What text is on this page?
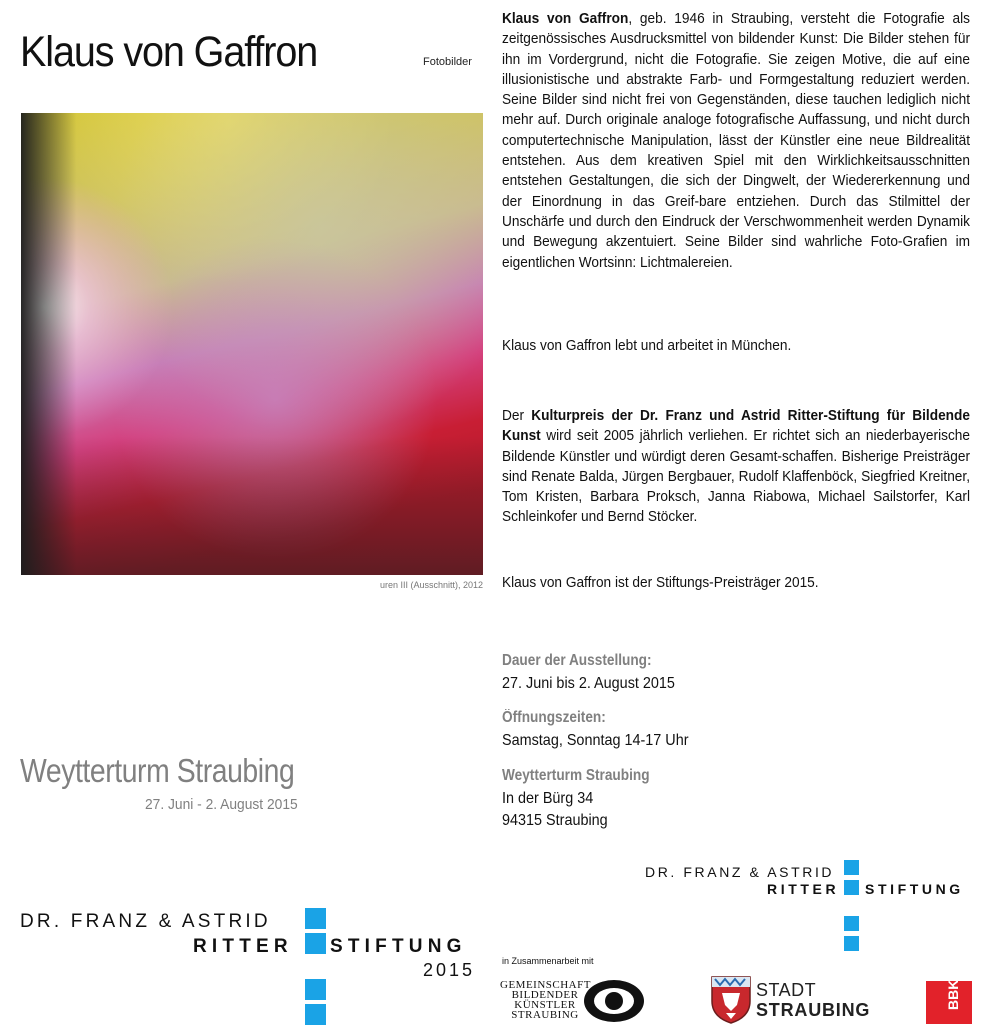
Klaus von Gaffron	Fotobilder
uren III (Ausschnitt), 2012
Klaus von Gaffron, geb. 1946 in Straubing, versteht die Fotografie als zeitgenössisches Ausdrucksmittel von bildender Kunst: Die Bilder stehen für ihn im Vordergrund, nicht die Fotografie. Sie zeigen Motive, die auf eine illusionistische und abstrakte Farb- und Formgestaltung reduziert werden. Seine Bilder sind nicht frei von Gegenständen, diese tauchen lediglich nicht mehr auf. Durch originale analoge fotografische Auffassung, und nicht durch computertechnische Manipulation, lässt der Künstler eine neue Bildrealität entstehen. Aus dem kreativen Spiel mit den Wirklichkeitsausschnitten entstehen Gestaltungen, die sich der Dingwelt, der Wiedererkennung und der Einordnung in das Greif-bare entziehen. Durch das Stilmittel der Unschärfe und durch den Eindruck der Verschwommenheit werden Dynamik und Bewegung akzentuiert. Seine Bilder sind wahrliche Foto-Grafien im eigentlichen Wortsinn: Lichtmalereien.
Klaus von Gaffron lebt und arbeitet in München.
Der Kulturpreis der Dr. Franz und Astrid Ritter-Stiftung für Bildende Kunst wird seit 2005 jährlich verliehen. Er richtet sich an niederbayerische Bildende Künstler und würdigt deren Gesamt-schaffen. Bisherige Preisträger sind Renate Balda, Jürgen Bergbauer, Rudolf Klaffenböck, Siegfried Kreitner, Tom Kristen, Barbara Proksch, Janna Riabowa, Michael Sailstorfer, Karl Schleinkofer und Bernd Stöcker.
Klaus von Gaffron ist der Stiftungs-Preisträger 2015.
Dauer der Ausstellung:
27. Juni bis 2. August 2015
Öffnungszeiten:
Samstag, Sonntag 14-17 Uhr
Weytterturm Straubing
In der Bürg 34
94315 Straubing
Weytterturm Straubing
27. Juni - 2. August 2015
DR. FRANZ & ASTRID
RITTER STIFTUNG
2015
DR. FRANZ & ASTRID
RITTER STIFTUNG
in Zusammenarbeit mit
GEMEINSCHAFT
BILDENDER
KÜNSTLER
STRAUBING
STADT
STRAUBING	BBK
